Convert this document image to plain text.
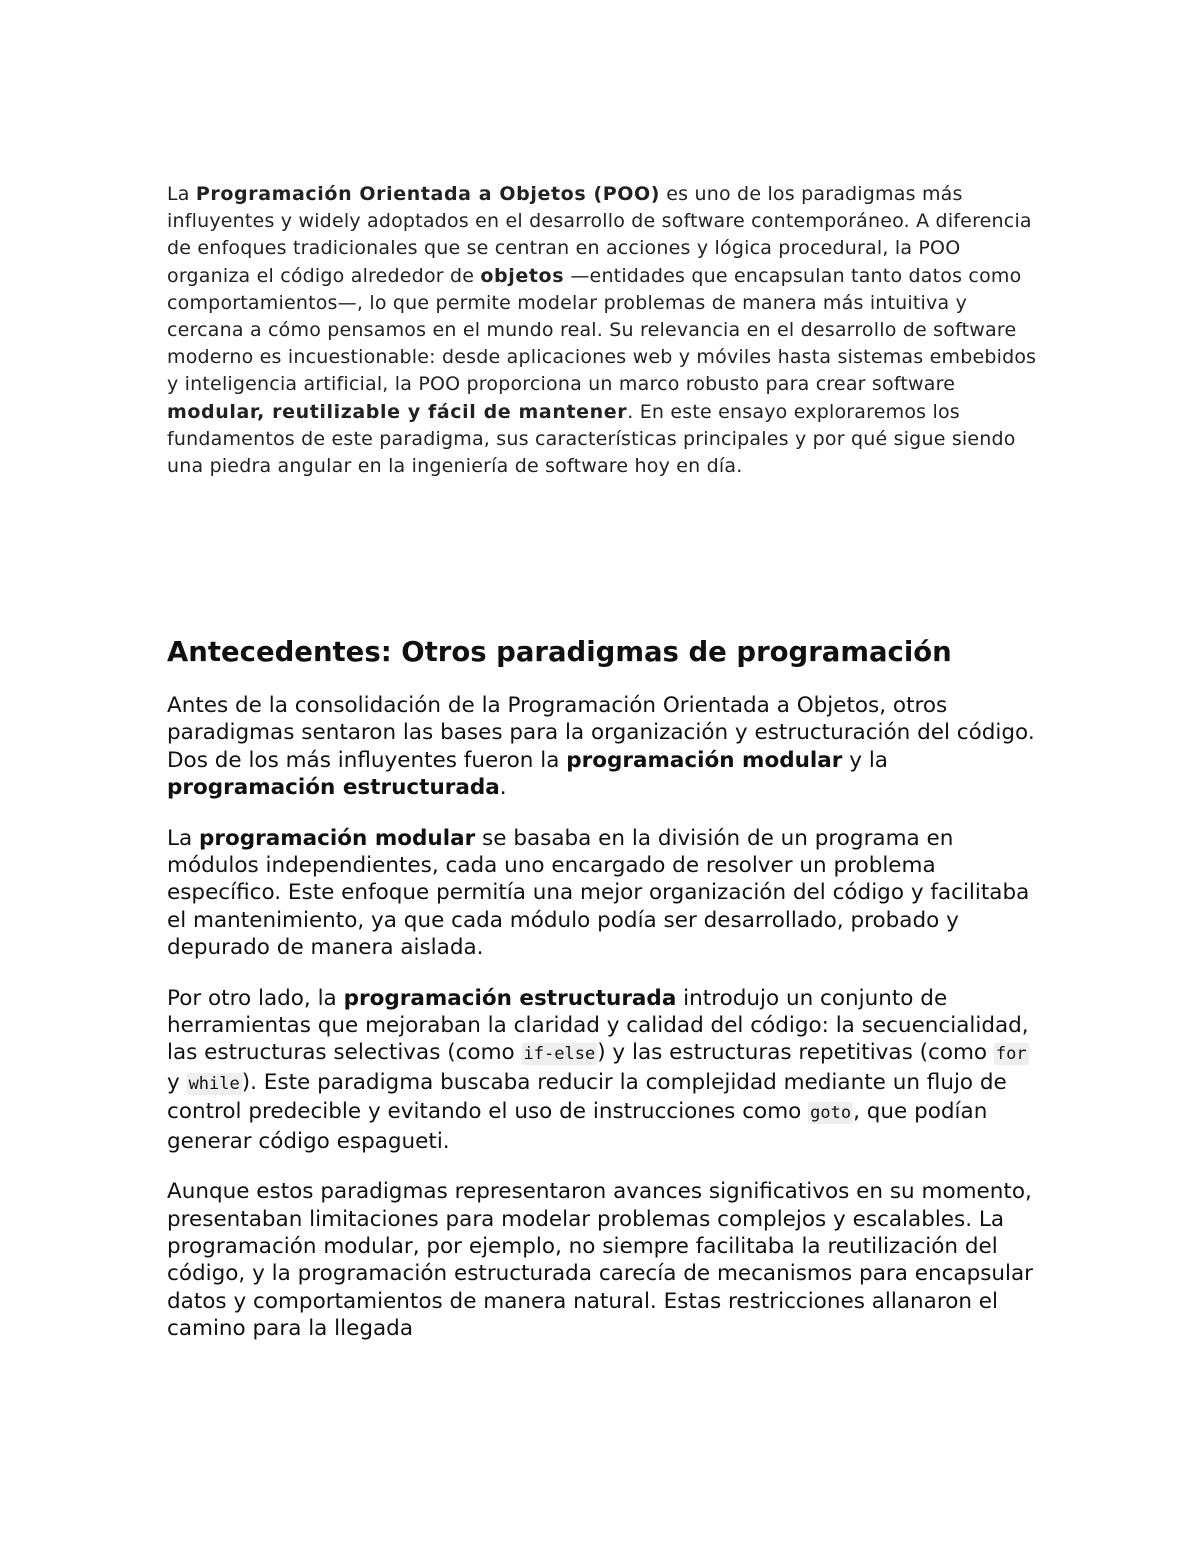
La Programación Orientada a Objetos (POO) es uno de los paradigmas más influyentes y widely adoptados en el desarrollo de software contemporáneo. A diferencia de enfoques tradicionales que se centran en acciones y lógica procedural, la POO organiza el código alrededor de objetos —entidades que encapsulan tanto datos como comportamientos—, lo que permite modelar problemas de manera más intuitiva y cercana a cómo pensamos en el mundo real. Su relevancia en el desarrollo de software moderno es incuestionable: desde aplicaciones web y móviles hasta sistemas embebidos y inteligencia artificial, la POO proporciona un marco robusto para crear software modular, reutilizable y fácil de mantener. En este ensayo exploraremos los fundamentos de este paradigma, sus características principales y por qué sigue siendo una piedra angular en la ingeniería de software hoy en día.

Antecedentes: Otros paradigmas de programación

Antes de la consolidación de la Programación Orientada a Objetos, otros paradigmas sentaron las bases para la organización y estructuración del código. Dos de los más influyentes fueron la programación modular y la programación estructurada.

La programación modular se basaba en la división de un programa en módulos independientes, cada uno encargado de resolver un problema específico. Este enfoque permitía una mejor organización del código y facilitaba el mantenimiento, ya que cada módulo podía ser desarrollado, probado y depurado de manera aislada.

Por otro lado, la programación estructurada introdujo un conjunto de herramientas que mejoraban la claridad y calidad del código: la secuencialidad, las estructuras selectivas (como if-else) y las estructuras repetitivas (como for y while). Este paradigma buscaba reducir la complejidad mediante un flujo de control predecible y evitando el uso de instrucciones como goto, que podían generar código espagueti.

Aunque estos paradigmas representaron avances significativos en su momento, presentaban limitaciones para modelar problemas complejos y escalables. La programación modular, por ejemplo, no siempre facilitaba la reutilización del código, y la programación estructurada carecía de mecanismos para encapsular datos y comportamientos de manera natural. Estas restricciones allanaron el camino para la llegada
